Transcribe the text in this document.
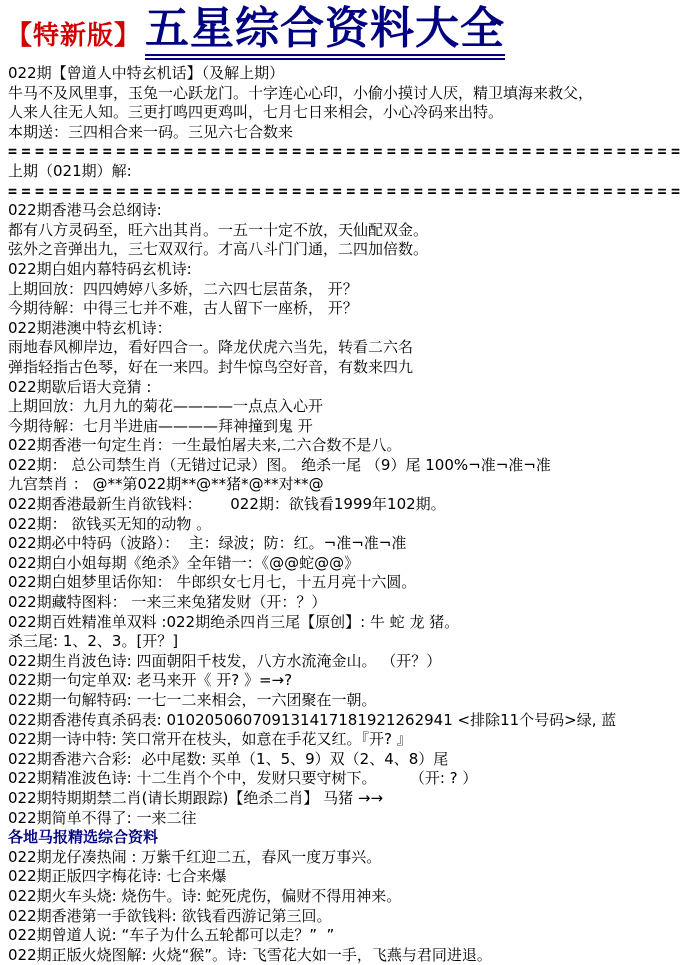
【特新版】 五星综合资料大全
022期【曾道人中特玄机话】（及解上期）
牛马不及风里事，玉兔一心跃龙门。十字连心心印，小偷小摸讨人厌，精卫填海来救父，
人来人往无人知。三更打鸣四更鸡叫，七月七日来相会，小心冷码来出特。
本期送：三四相合来一码。三见六七合数来
==================================================
上期（021期）解:
==================================================
022期香港马会总纲诗:
都有八方灵码至，旺六出其肖。一五一十定不放，天仙配双金。
弦外之音弹出九，三七双双行。才高八斗门门通，二四加倍数。
022期白姐内幕特码玄机诗:
上期回放：四四娉婷八多娇，二六四七层苗条， 开？
今期待解：中得三七并不难，古人留下一座桥， 开？
022期港澳中特玄机诗：
雨地春风柳岸边，看好四合一。降龙伏虎六当先，转看二六名
弹指轻指古色琴，好在一来四。封牛惊鸟空好音，有数来四九
022期歇后语大竞猜 :
上期回放：九月九的菊花————一点点入心开
今期待解：七月半进庙————拜神撞到鬼 开
022期香港一句定生肖：一生最怕屠夫来,二六合数不是八。
022期： 总公司禁生肖（无错过记录）图。 绝杀一尾 （9）尾 100%¬准¬准¬准
九宫禁肖 ： @**第022期**@**猪*@**对**@
022期香港最新生肖欲钱料：      022期：欲钱看1999年102期。
022期： 欲钱买无知的动物 。
022期必中特码（波路）：  主：绿波；防：红。¬准¬准¬准
022期白小姐每期《绝杀》全年错一：《@@蛇@@》
022期白姐梦里话你知： 牛郎织女七月七，十五月亮十六圆。
022期藏特图料： 一来三来兔猪发财（开：？）
022期百姓精准单双料 :022期绝杀四肖三尾【原创】: 牛 蛇 龙 猪。
杀三尾: 1、2、3。[开？]
022期生肖波色诗: 四面朝阳千枝发，八方水流淹金山。 （开？）
022期一句定单双: 老马来开《 开? 》=→?
022期一句解特码: 一七一二来相会，一六团聚在一朝。
022期香港传真杀码表: 010205060709131417181921262941 <排除11个号码>绿, 蓝
022期一诗中特: 笑口常开在枝头，如意在手花又红。『开? 』
022期香港六合彩:  必中尾数: 买单（1、5、9）双（2、4、8）尾
022期精准波色诗: 十二生肖个个中，发财只要守树下。       （开: ? ）
022期特期期禁二肖(请长期跟踪)【绝杀二肖】 马猪 →→
022期简单不得了: 一来二往
各地马报精选综合资料
022期龙仔凑热闹 : 万紫千红迎二五，春风一度万事兴。
022期正版四字梅花诗: 七合来爆
022期火车头烧: 烧伤牛。诗: 蛇死虎伤，偏财不得用神来。
022期香港第一手欲钱料: 欲钱看西游记第三回。
022期曾道人说: “车子为什么五轮都可以走？”  ”
022期正版火烧图解: 火烧“猴”。诗: 飞雪花大如一手，飞燕与君同进退。
